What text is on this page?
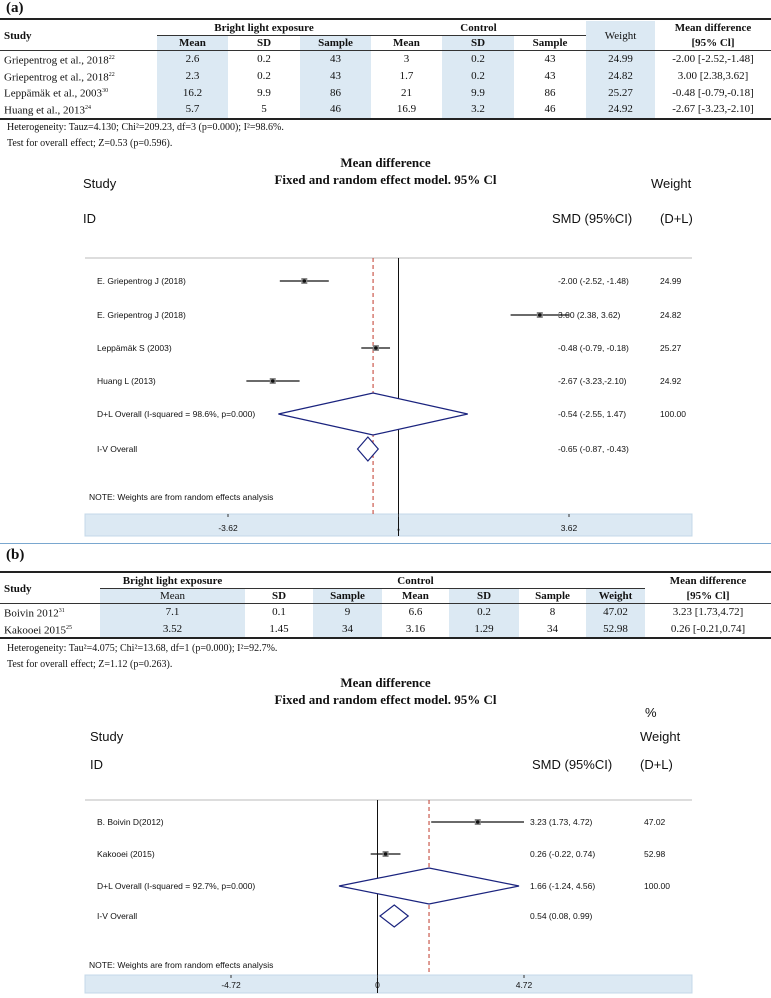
(a)
Study	Bright light exposure			Control			Weight	Mean difference
	Mean	SD	Sample	Mean	SD	Sample		[95% Cl]
Griepentrog et al., 2018$^{22}$	2.6	0.2	43	3	0.2	43	24.99	-2.00 [-2.52,-1.48]
Griepentrog et al., 2018$^{22}$	2.3	0.2	43	1.7	0.2	43	24.82	3.00 [2.38,3.62]
Leppämäk et al., 2003$^{30}$	16.2	9.9	86	21	9.9	86	25.27	-0.48 [-0.79,-0.18]
Huang et al., 2013$^{24}$	5.7	5	46	16.9	3.2	46	24.92	-2.67 [-3.23,-2.10]
Heterogeneity: Tauz=4.130; Chi²=209.23, df=3 (p=0.000); I²=98.6%.
Test for overall effect; Z=0.53 (p=0.596).
Mean difference
Fixed and random effect model. 95% Cl
Study	Weight
ID	SMD (95%CI) (D+L)
-3.62	0	3.62
E. Griepentrog J (2018)	-2.00 (-2.52, -1.48)	24.99
E. Griepentrog J (2018)	3.00 (2.38, 3.62)	24.82
Leppämäk S (2003)	-0.48 (-0.79, -0.18)	25.27
Huang L (2013)	-2.67 (-3.23,-2.10)	24.92
D+L Overall (I-squared = 98.6%, p=0.000)	-0.54 (-2.55, 1.47)	100.00
I-V Overall	-0.65 (-0.87, -0.43)
NOTE: Weights are from random effects analysis
(b)
Study	Bright light exposure			Control				Mean difference
	Mean	SD	Sample	Mean	SD	Sample	Weight	[95% Cl]
Boivin 2012$^{31}$	7.1	0.1	9	6.6	0.2	8	47.02	3.23 [1.73,4.72]
Kakooei 2015$^{25}$	3.52	1.45	34	3.16	1.29	34	52.98	0.26 [-0.21,0.74]
Heterogeneity: Tau²=4.075; Chi²=13.68, df=1 (p=0.000); I²=92.7%.
Test for overall effect; Z=1.12 (p=0.263).
Mean difference
Fixed and random effect model. 95% Cl
%
Study	Weight
ID	SMD (95%CI) (D+L)
-4.72	0	4.72
B. Boivin D(2012)	3.23 (1.73, 4.72)	47.02
Kakooei (2015)	0.26 (-0.22, 0.74)	52.98
D+L Overall (I-squared = 92.7%, p=0.000)	1.66 (-1.24, 4.56)	100.00
I-V Overall	0.54 (0.08, 0.99)
NOTE: Weights are from random effects analysis
